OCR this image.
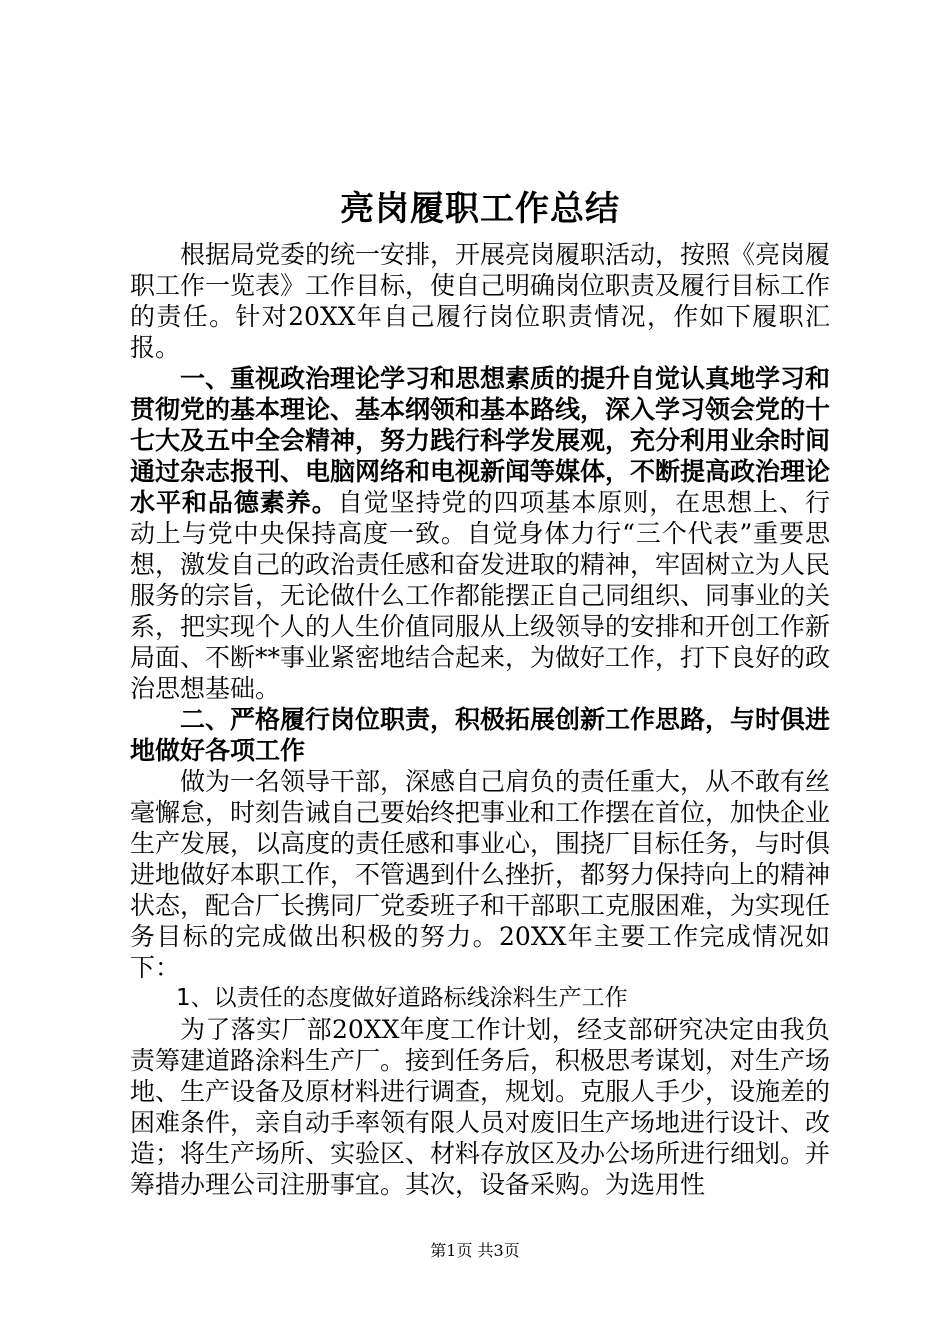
亮岗履职工作总结

根据局党委的统一安排，开展亮岗履职活动，按照《亮岗履职工作一览表》工作目标，使自己明确岗位职责及履行目标工作的责任。针对20XX年自己履行岗位职责情况，作如下履职汇报。

一、重视政治理论学习和思想素质的提升自觉认真地学习和贯彻党的基本理论、基本纲领和基本路线，深入学习领会党的十七大及五中全会精神，努力践行科学发展观，充分利用业余时间通过杂志报刊、电脑网络和电视新闻等媒体，不断提高政治理论水平和品德素养。自觉坚持党的四项基本原则，在思想上、行动上与党中央保持高度一致。自觉身体力行“三个代表”重要思想，激发自己的政治责任感和奋发进取的精神，牢固树立为人民服务的宗旨，无论做什么工作都能摆正自己同组织、同事业的关系，把实现个人的人生价值同服从上级领导的安排和开创工作新局面、不断**事业紧密地结合起来，为做好工作，打下良好的政治思想基础。

二、严格履行岗位职责，积极拓展创新工作思路，与时俱进地做好各项工作

做为一名领导干部，深感自己肩负的责任重大，从不敢有丝毫懈怠，时刻告诫自己要始终把事业和工作摆在首位，加快企业生产发展，以高度的责任感和事业心，围挠厂目标任务，与时俱进地做好本职工作，不管遇到什么挫折，都努力保持向上的精神状态，配合厂长携同厂党委班子和干部职工克服困难，为实现任务目标的完成做出积极的努力。20XX年主要工作完成情况如下：

1、以责任的态度做好道路标线涂料生产工作

为了落实厂部20XX年度工作计划，经支部研究决定由我负责筹建道路涂料生产厂。接到任务后，积极思考谋划，对生产场地、生产设备及原材料进行调查，规划。克服人手少，设施差的困难条件，亲自动手率领有限人员对废旧生产场地进行设计、改造；将生产场所、实验区、材料存放区及办公场所进行细划。并筹措办理公司注册事宜。其次，设备采购。为选用性

第1页 共3页
